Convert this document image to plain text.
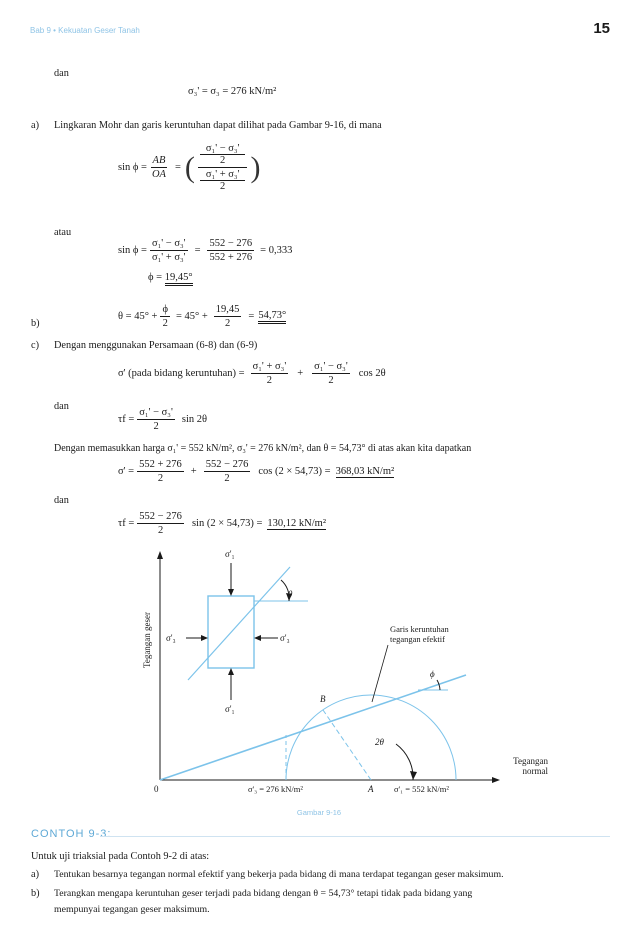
Bab 9 • Kekuatan Geser Tanah	15
dan
σ₃' = σ₃ = 276 kN/m²
a) Lingkaran Mohr dan garis keruntuhan dapat dilihat pada Gambar 9-16, di mana
$\sin \phi = \frac{AB}{OA}$ = ( $\frac{\frac{\text{σ₁' − σ₃'}}{2}}{\frac{\text{σ₁' + σ₃'}}{2}}$ )
atau
$\sin \phi = \frac{\text{σ₁' − σ₃'}}{\text{σ₁' + σ₃'}} = \frac{552 - 276}{552 + 276} = 0,333$
ϕ = 19,45°
b)
$\theta = 45^\circ + \frac{\phi}{2} = 45^\circ + \frac{19,45}{2} = 54,73^\circ$
c) Dengan menggunakan Persamaan (6-8) dan (6-9)
σ' (pada bidang keruntuhan) = $\frac{\text{σ₁' + σ₃'}}{2} + \frac{\text{σ₁' − σ₃'}}{2}$ cos 2θ
dan
$\tau f = \frac{\text{σ₁' − σ₃'}}{2}$ sin 2θ
Dengan memasukkan harga σ₁' = 552 kN/m², σ₃' = 276 kN/m², dan θ = 54,73° di atas akan kita dapatkan
$\sigma' = \frac{552 + 276}{2} + \frac{552 - 276}{2}$ cos (2 × 54,73) = 368,03 kN/m²
dan
$\tau f = \frac{552 - 276}{2}$ sin (2 × 54,73) = 130,12 kN/m²
Tegangan geser
Tegangan
normal
0
σ'₁
σ'₁
σ'₃	σ'₃
θ
2θ
B
A
ϕ
Garis keruntuhan
tegangan efektif
σ'₃ = 276 kN/m²	σ'₁ = 552 kN/m²
Gambar 9-16
CONTOH 9-3:
Untuk uji triaksial pada Contoh 9-2 di atas:
a) Tentukan besarnya tegangan normal efektif yang bekerja pada bidang di mana terdapat tegangan geser maksimum.
b) Terangkan mengapa keruntuhan geser terjadi pada bidang dengan θ = 54,73° tetapi tidak pada bidang yang
mempunyai tegangan geser maksimum.
